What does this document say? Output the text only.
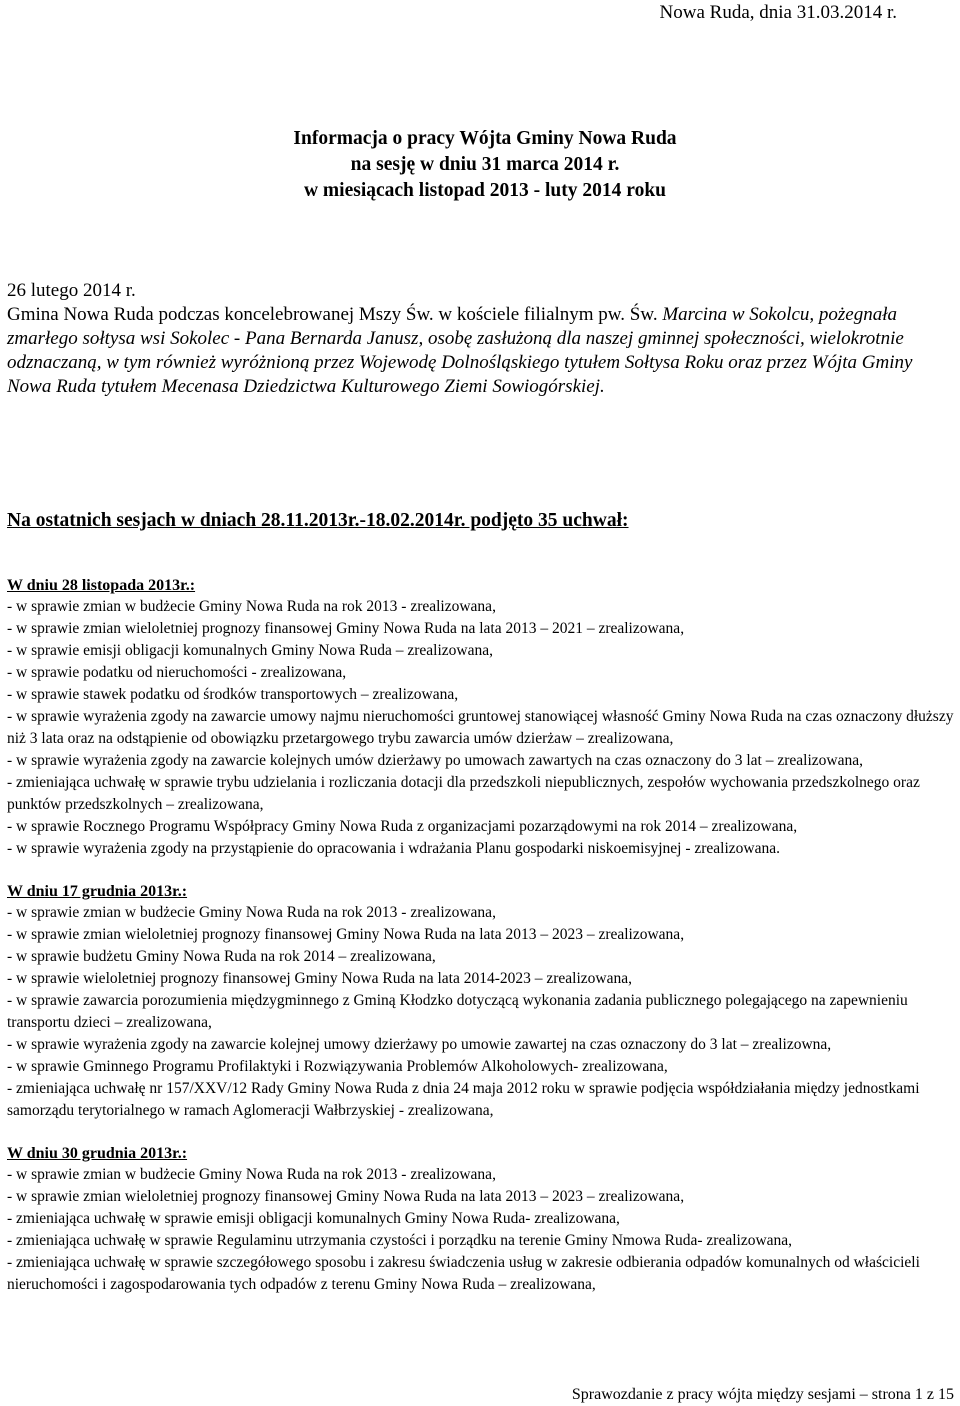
Nowa Ruda, dnia 31.03.2014 r.
Informacja o pracy Wójta Gminy Nowa Ruda
na sesję w dniu 31 marca 2014 r.
w miesiącach listopad 2013 - luty 2014 roku
26 lutego 2014 r.
Gmina Nowa Ruda podczas koncelebrowanej Mszy Św. w kościele filialnym pw. Św. Marcina w Sokolcu, pożegnała zmarłego sołtysa wsi Sokolec - Pana Bernarda Janusz, osobę zasłużoną dla naszej gminnej społeczności, wielokrotnie odznaczaną, w tym również wyróżnioną przez Wojewodę Dolnośląskiego tytułem Sołtysa Roku oraz przez Wójta Gminy Nowa Ruda tytułem Mecenasa Dziedzictwa Kulturowego Ziemi Sowiogórskiej.
Na ostatnich sesjach w dniach 28.11.2013r.-18.02.2014r. podjęto 35 uchwał:
W dniu 28 listopada 2013r.:
- w sprawie zmian w budżecie Gminy Nowa Ruda na rok 2013 - zrealizowana,
- w sprawie zmian wieloletniej prognozy finansowej Gminy Nowa Ruda na lata 2013 – 2021 – zrealizowana,
- w sprawie emisji obligacji komunalnych Gminy Nowa Ruda – zrealizowana,
- w sprawie podatku od nieruchomości - zrealizowana,
- w sprawie stawek podatku od środków transportowych – zrealizowana,
- w sprawie wyrażenia zgody na zawarcie umowy najmu nieruchomości gruntowej stanowiącej własność Gminy Nowa Ruda na czas oznaczony dłuższy niż 3 lata oraz na odstąpienie od obowiązku przetargowego trybu zawarcia umów dzierżaw – zrealizowana,
- w sprawie wyrażenia zgody na zawarcie kolejnych umów dzierżawy po umowach zawartych na czas oznaczony do 3 lat – zrealizowana,
- zmieniająca uchwałę w sprawie trybu udzielania i rozliczania dotacji dla przedszkoli niepublicznych, zespołów wychowania przedszkolnego oraz punktów przedszkolnych – zrealizowana,
- w sprawie Rocznego Programu Współpracy Gminy Nowa Ruda z organizacjami pozarządowymi na rok 2014 – zrealizowana,
- w sprawie wyrażenia zgody na przystąpienie do opracowania i wdrażania Planu gospodarki niskoemisyjnej - zrealizowana.
W dniu 17 grudnia 2013r.:
- w sprawie zmian w budżecie Gminy Nowa Ruda na rok 2013 - zrealizowana,
- w sprawie zmian wieloletniej prognozy finansowej Gminy Nowa Ruda na lata 2013 – 2023 – zrealizowana,
- w sprawie budżetu Gminy Nowa Ruda na rok 2014 – zrealizowana,
- w sprawie wieloletniej prognozy finansowej Gminy Nowa Ruda na lata 2014-2023 – zrealizowana,
- w sprawie zawarcia porozumienia międzygminnego z Gminą Kłodzko dotyczącą wykonania zadania publicznego polegającego na zapewnieniu transportu dzieci – zrealizowana,
- w sprawie wyrażenia zgody na zawarcie kolejnej umowy dzierżawy po umowie zawartej na czas oznaczony do 3 lat – zrealizowna,
- w sprawie Gminnego Programu Profilaktyki i Rozwiązywania Problemów Alkoholowych- zrealizowana,
- zmieniająca uchwałę nr 157/XXV/12 Rady Gminy Nowa Ruda z dnia 24 maja 2012 roku w sprawie podjęcia współdziałania między jednostkami samorządu terytorialnego w ramach Aglomeracji Wałbrzyskiej - zrealizowana,
W dniu 30 grudnia 2013r.:
- w sprawie zmian w budżecie Gminy Nowa Ruda na rok 2013 - zrealizowana,
- w sprawie zmian wieloletniej prognozy finansowej Gminy Nowa Ruda na lata 2013 – 2023 – zrealizowana,
- zmieniająca uchwałę w sprawie emisji obligacji komunalnych Gminy Nowa Ruda- zrealizowana,
- zmieniająca uchwałę w sprawie Regulaminu utrzymania czystości i porządku na terenie Gminy Nmowa Ruda- zrealizowana,
- zmieniająca uchwałę w sprawie szczegółowego sposobu i zakresu świadczenia usług w zakresie odbierania odpadów komunalnych od właścicieli nieruchomości i zagospodarowania tych odpadów z terenu Gminy Nowa Ruda – zrealizowana,
Sprawozdanie z pracy wójta między sesjami – strona 1 z 15
